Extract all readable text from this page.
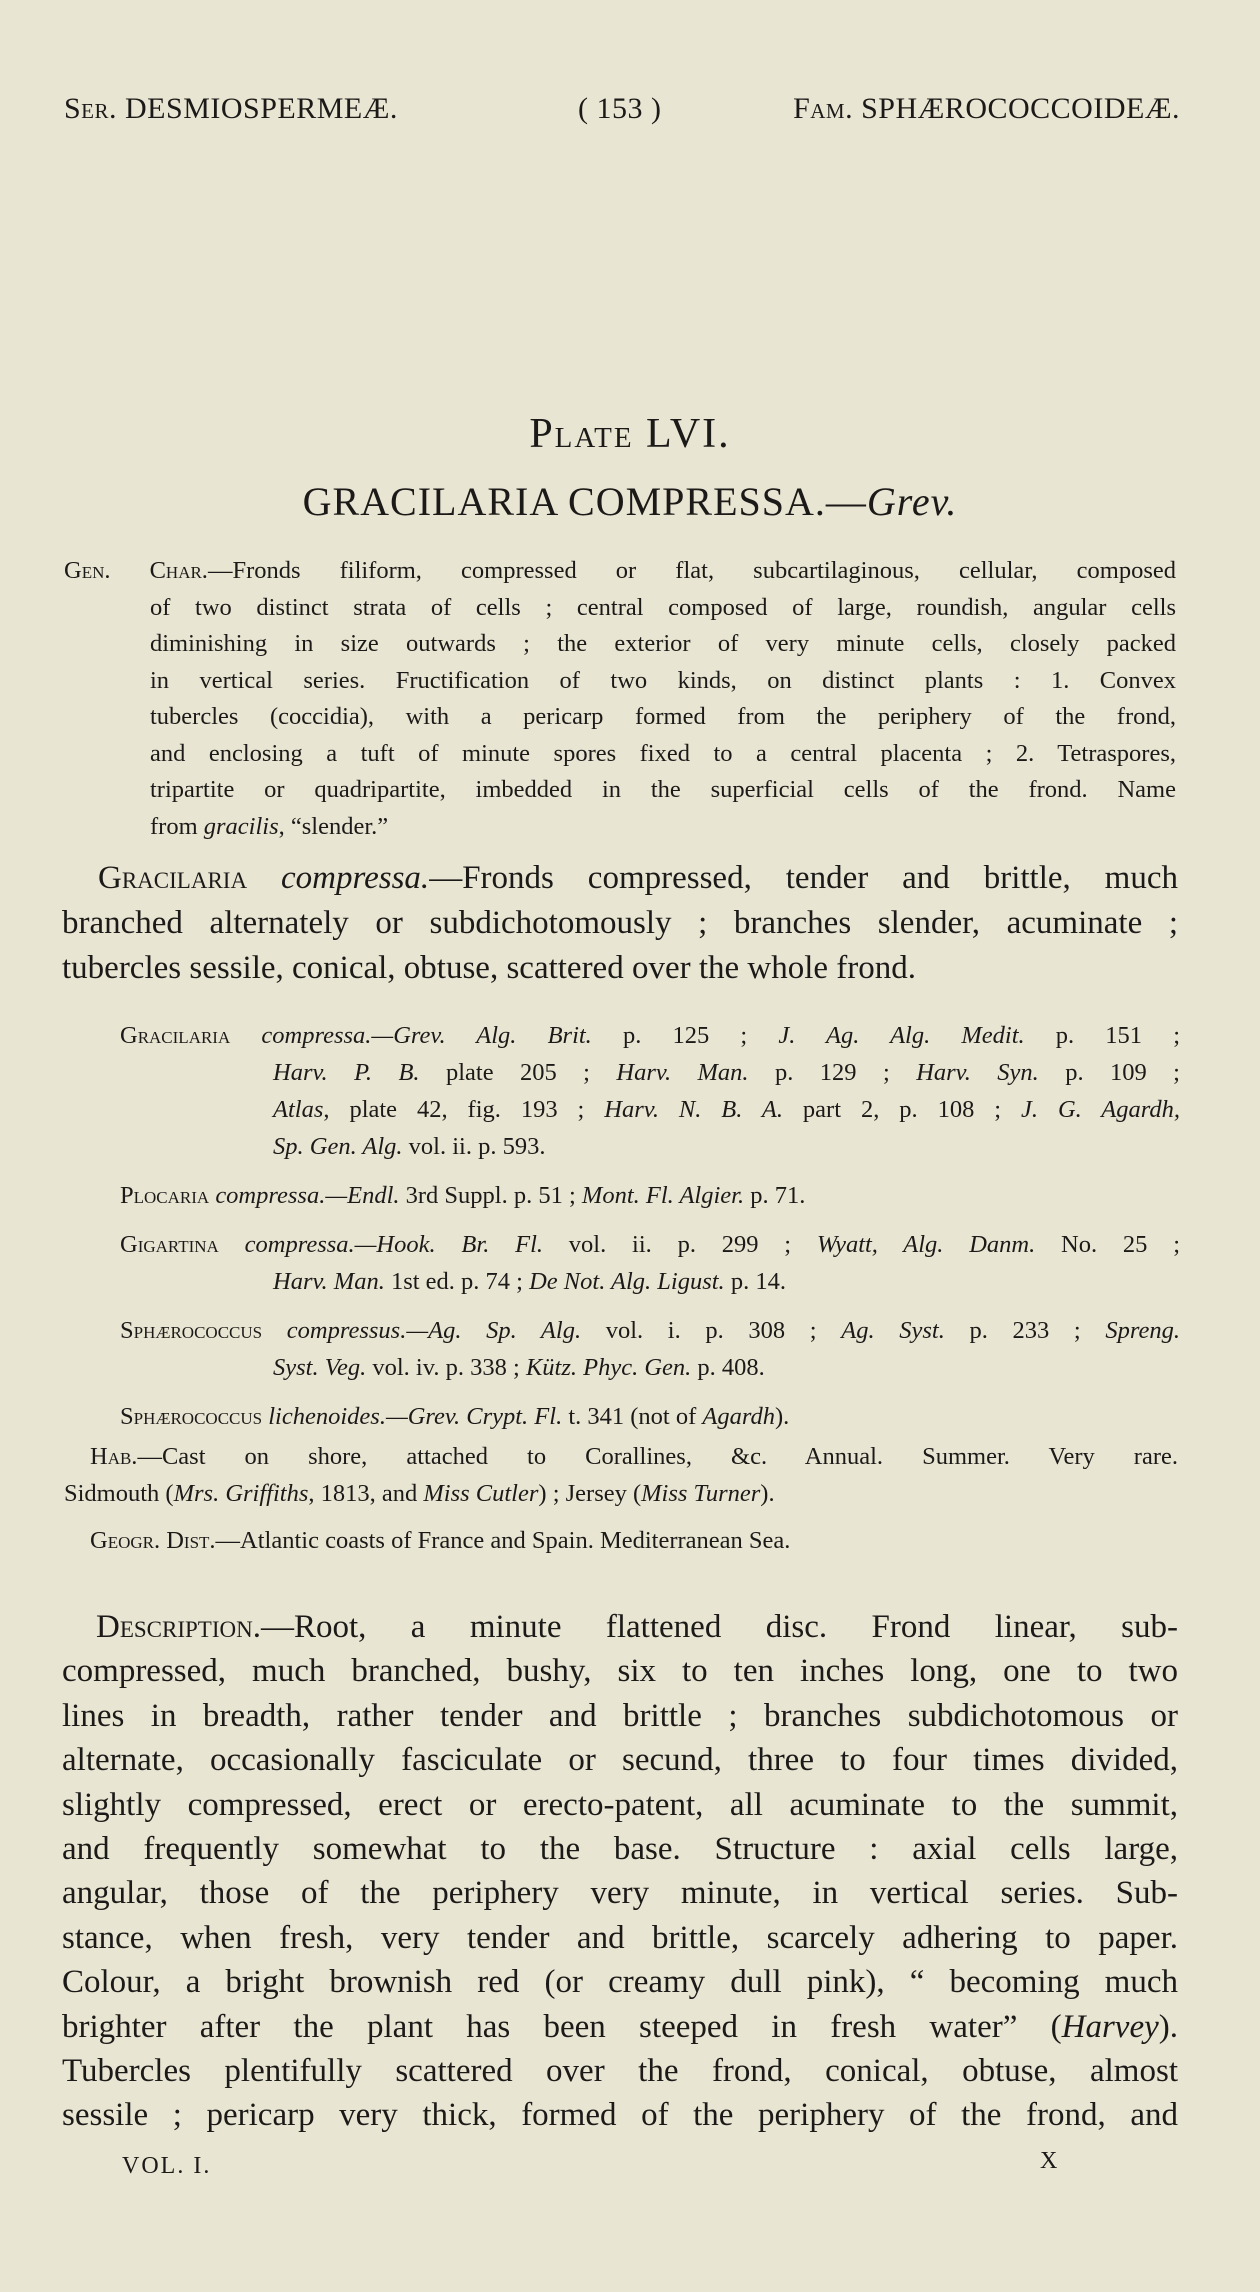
Ser. DESMIOSPERMEÆ.	( 153 )	Fam. SPHÆROCOCCOIDEÆ.
Plate LVI.
GRACILARIA COMPRESSA.—Grev.
Gen. Char.—Fronds filiform, compressed or flat, subcartilaginous, cellular, composed
of two distinct strata of cells ; central composed of large, roundish, angular cells
diminishing in size outwards ; the exterior of very minute cells, closely packed
in vertical series. Fructification of two kinds, on distinct plants : 1. Convex
tubercles (coccidia), with a pericarp formed from the periphery of the frond,
and enclosing a tuft of minute spores fixed to a central placenta ; 2. Tetraspores,
tripartite or quadripartite, imbedded in the superficial cells of the frond. Name
from gracilis, “slender.”
Gracilaria compressa.—Fronds compressed, tender and brittle, much
branched alternately or subdichotomously ; branches slender, acuminate ;
tubercles sessile, conical, obtuse, scattered over the whole frond.
Gracilaria compressa.—Grev. Alg. Brit. p. 125 ; J. Ag. Alg. Medit. p. 151 ;
Harv. P. B. plate 205 ; Harv. Man. p. 129 ; Harv. Syn. p. 109 ;
Atlas, plate 42, fig. 193 ; Harv. N. B. A. part 2, p. 108 ; J. G. Agardh,
Sp. Gen. Alg. vol. ii. p. 593.
Plocaria compressa.—Endl. 3rd Suppl. p. 51 ; Mont. Fl. Algier. p. 71.
Gigartina compressa.—Hook. Br. Fl. vol. ii. p. 299 ; Wyatt, Alg. Danm. No. 25 ;
Harv. Man. 1st ed. p. 74 ; De Not. Alg. Ligust. p. 14.
Sphærococcus compressus.—Ag. Sp. Alg. vol. i. p. 308 ; Ag. Syst. p. 233 ; Spreng.
Syst. Veg. vol. iv. p. 338 ; Kütz. Phyc. Gen. p. 408.
Sphærococcus lichenoides.—Grev. Crypt. Fl. t. 341 (not of Agardh).
Hab.—Cast on shore, attached to Corallines, &c. Annual. Summer. Very rare.
Sidmouth (Mrs. Griffiths, 1813, and Miss Cutler) ; Jersey (Miss Turner).
Geogr. Dist.—Atlantic coasts of France and Spain. Mediterranean Sea.
Description.—Root, a minute flattened disc. Frond linear, sub-
compressed, much branched, bushy, six to ten inches long, one to two
lines in breadth, rather tender and brittle ; branches subdichotomous or
alternate, occasionally fasciculate or secund, three to four times divided,
slightly compressed, erect or erecto-patent, all acuminate to the summit,
and frequently somewhat to the base. Structure : axial cells large,
angular, those of the periphery very minute, in vertical series. Sub-
stance, when fresh, very tender and brittle, scarcely adhering to paper.
Colour, a bright brownish red (or creamy dull pink), “ becoming much
brighter after the plant has been steeped in fresh water” (Harvey).
Tubercles plentifully scattered over the frond, conical, obtuse, almost
sessile ; pericarp very thick, formed of the periphery of the frond, and
VOL. I.	X
